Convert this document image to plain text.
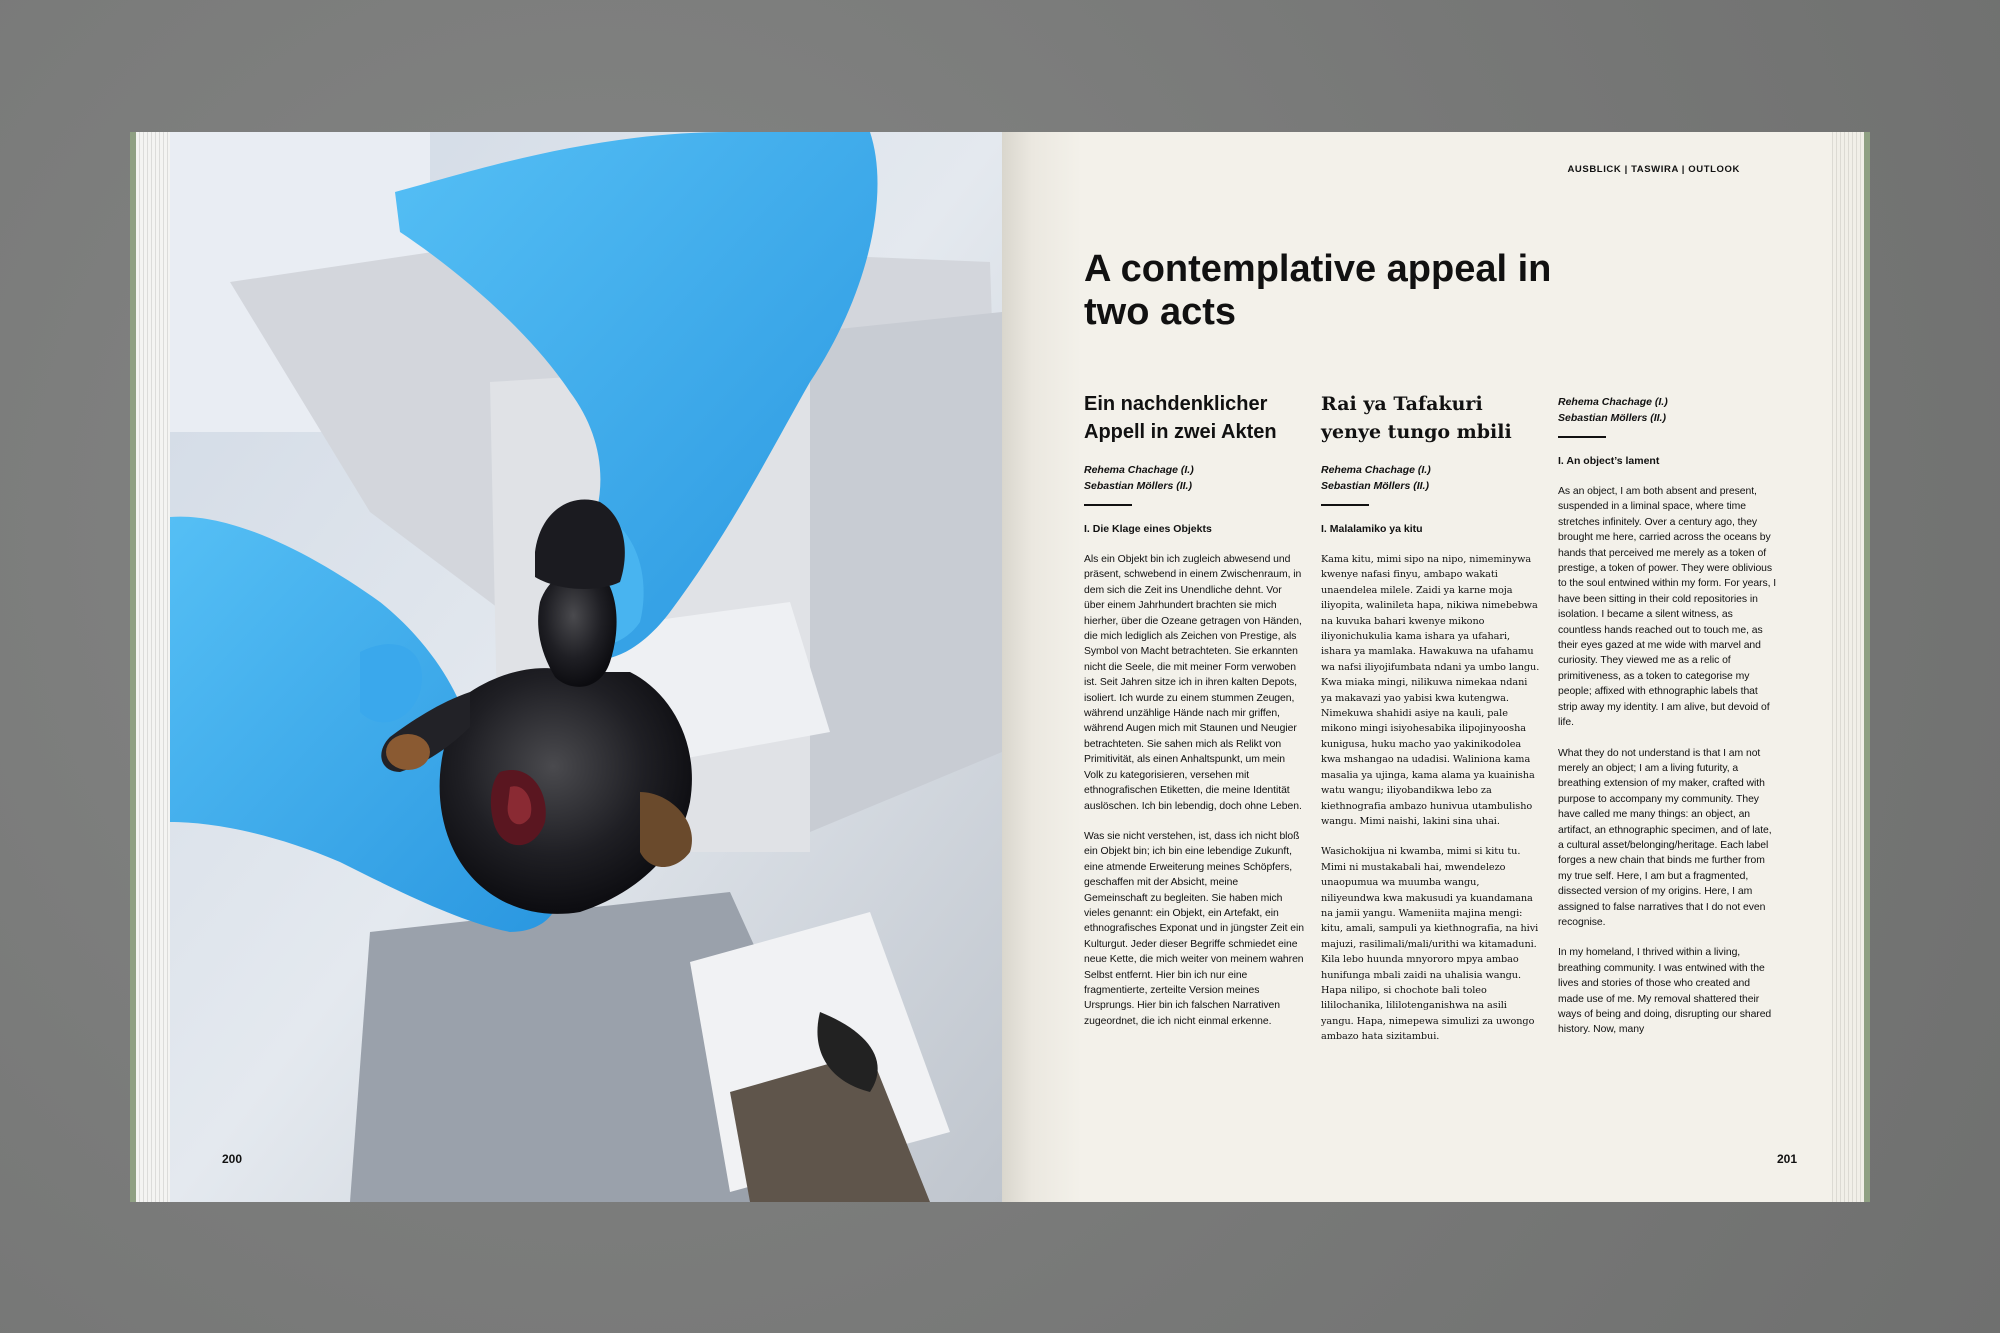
200
AUSBLICK | TASWIRA | OUTLOOK
A contemplative appeal in two acts
Ein nachdenklicher Appell in zwei Akten
Rehema Chachage (I.)
Sebastian Möllers (II.)
I. Die Klage eines Objekts

Als ein Objekt bin ich zugleich abwesend und präsent, schwebend in einem Zwischenraum, in dem sich die Zeit ins Unendliche dehnt. Vor über einem Jahrhundert brachten sie mich hierher, über die Ozeane getragen von Händen, die mich lediglich als Zeichen von Prestige, als Symbol von Macht betrachteten. Sie erkannten nicht die Seele, die mit meiner Form verwoben ist. Seit Jahren sitze ich in ihren kalten Depots, isoliert. Ich wurde zu einem stummen Zeugen, während unzählige Hände nach mir griffen, während Augen mich mit Staunen und Neugier betrachteten. Sie sahen mich als Relikt von Primitivität, als einen Anhaltspunkt, um mein Volk zu kategorisieren, versehen mit ethnografischen Etiketten, die meine Identität auslöschen. Ich bin lebendig, doch ohne Leben.

Was sie nicht verstehen, ist, dass ich nicht bloß ein Objekt bin; ich bin eine lebendige Zukunft, eine atmende Erweiterung meines Schöpfers, geschaffen mit der Absicht, meine Gemeinschaft zu begleiten. Sie haben mich vieles genannt: ein Objekt, ein Artefakt, ein ethnografisches Exponat und in jüngster Zeit ein Kulturgut. Jeder dieser Begriffe schmiedet eine neue Kette, die mich weiter von meinem wahren Selbst entfernt. Hier bin ich nur eine fragmentierte, zerteilte Version meines Ursprungs. Hier bin ich falschen Narrativen zugeordnet, die ich nicht einmal erkenne.

Rai ya Tafakuri yenye tungo mbili
Rehema Chachage (I.)
Sebastian Möllers (II.)
I. Malalamiko ya kitu

Kama kitu, mimi sipo na nipo, nimeminywa kwenye nafasi finyu, ambapo wakati unaendelea milele. Zaidi ya karne moja iliyopita, walinileta hapa, nikiwa nimebebwa na kuvuka bahari kwenye mikono iliyonichukulia kama ishara ya ufahari, ishara ya mamlaka. Hawakuwa na ufahamu wa nafsi iliyojifumbata ndani ya umbo langu. Kwa miaka mingi, nilikuwa nimekaa ndani ya makavazi yao yabisi kwa kutengwa. Nimekuwa shahidi asiye na kauli, pale mikono mingi isiyohesabika ilipojinyoosha kunigusa, huku macho yao yakinikodolea kwa mshangao na udadisi. Waliniona kama masalia ya ujinga, kama alama ya kuainisha watu wangu; iliyobandikwa lebo za kiethnografia ambazo hunivua utambulisho wangu. Mimi naishi, lakini sina uhai.

Wasichokijua ni kwamba, mimi si kitu tu. Mimi ni mustakabali hai, mwendelezo unaopumua wa muumba wangu, niliyeundwa kwa makusudi ya kuandamana na jamii yangu. Wameniita majina mengi: kitu, amali, sampuli ya kiethnografia, na hivi majuzi, rasilimali/mali/urithi wa kitamaduni. Kila lebo huunda mnyororo mpya ambao hunifunga mbali zaidi na uhalisia wangu. Hapa nilipo, si chochote bali toleo lililochanika, lililotenganishwa na asili yangu. Hapa, nimepewa simulizi za uwongo ambazo hata sizitambui.

Rehema Chachage (I.)
Sebastian Möllers (II.)
I. An object’s lament

As an object, I am both absent and present, suspended in a liminal space, where time stretches infinitely. Over a century ago, they brought me here, carried across the oceans by hands that perceived me merely as a token of prestige, a token of power. They were oblivious to the soul entwined within my form. For years, I have been sitting in their cold repositories in isolation. I became a silent witness, as countless hands reached out to touch me, as their eyes gazed at me wide with marvel and curiosity. They viewed me as a relic of primitiveness, as a token to categorise my people; affixed with ethnographic labels that strip away my identity. I am alive, but devoid of life.

What they do not understand is that I am not merely an object; I am a living futurity, a breathing extension of my maker, crafted with purpose to accompany my community. They have called me many things: an object, an artifact, an ethnographic specimen, and of late, a cultural asset/belonging/heritage. Each label forges a new chain that binds me further from my true self. Here, I am but a fragmented, dissected version of my origins. Here, I am assigned to false narratives that I do not even recognise.

In my homeland, I thrived within a living, breathing community. I was entwined with the lives and stories of those who created and made use of me. My removal shattered their ways of being and doing, disrupting our shared history. Now, many

201
